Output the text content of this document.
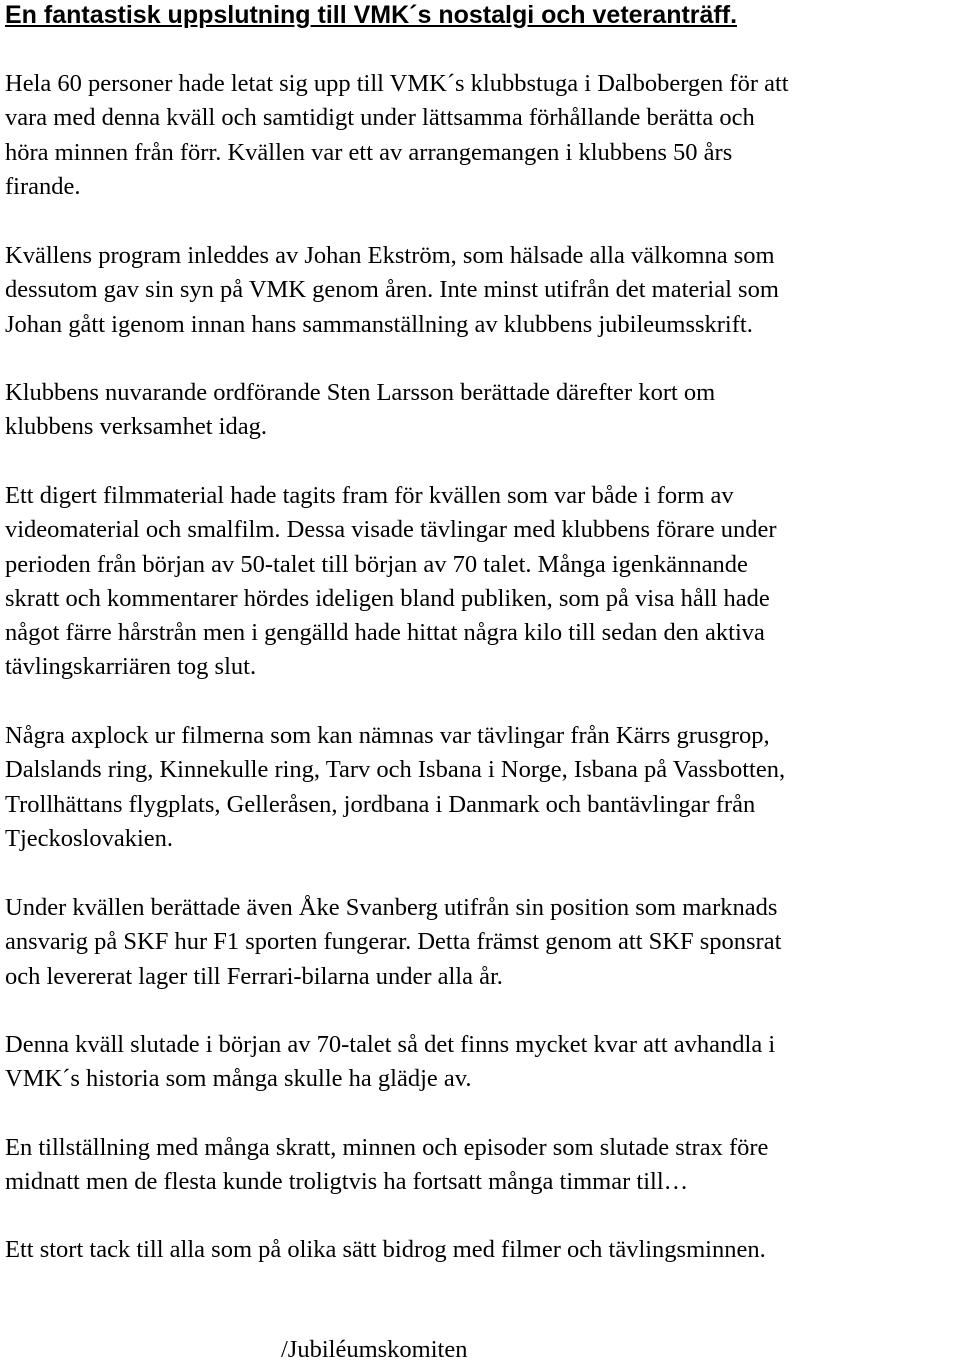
En fantastisk uppslutning till VMK´s nostalgi och veteranträff.

Hela 60 personer hade letat sig upp till VMK´s klubbstuga i Dalbobergen för att
vara med denna kväll och samtidigt under lättsamma förhållande berätta och
höra minnen från förr. Kvällen var ett av arrangemangen i klubbens 50 års
firande.

Kvällens program inleddes av Johan Ekström, som hälsade alla välkomna som
dessutom gav sin syn på VMK genom åren. Inte minst utifrån det material som
Johan gått igenom innan hans sammanställning av klubbens jubileumsskrift.

Klubbens nuvarande ordförande Sten Larsson berättade därefter kort om
klubbens verksamhet idag.

Ett digert filmmaterial hade tagits fram för kvällen som var både i form av
videomaterial och smalfilm. Dessa visade tävlingar med klubbens förare under
perioden från början av 50-talet till början av 70 talet. Många igenkännande
skratt och kommentarer hördes ideligen bland publiken, som på visa håll hade
något färre hårstrån men i gengälld hade hittat några kilo till sedan den aktiva
tävlingskarriären tog slut.

Några axplock ur filmerna som kan nämnas var tävlingar från Kärrs grusgrop,
Dalslands ring, Kinnekulle ring, Tarv och Isbana i Norge, Isbana på Vassbotten,
Trollhättans flygplats, Gelleråsen, jordbana i Danmark och bantävlingar från
Tjeckoslovakien.

Under kvällen berättade även Åke Svanberg utifrån sin position som marknads
ansvarig på SKF hur F1 sporten fungerar. Detta främst genom att SKF sponsrat
och levererat lager till Ferrari-bilarna under alla år.

Denna kväll slutade i början av 70-talet så det finns mycket kvar att avhandla i
VMK´s historia som många skulle ha glädje av.

En tillställning med många skratt, minnen och episoder som slutade strax före
midnatt men de flesta kunde troligtvis ha fortsatt många timmar till…

Ett stort tack till alla som på olika sätt bidrog med filmer och tävlingsminnen.

/Jubiléumskomiten
